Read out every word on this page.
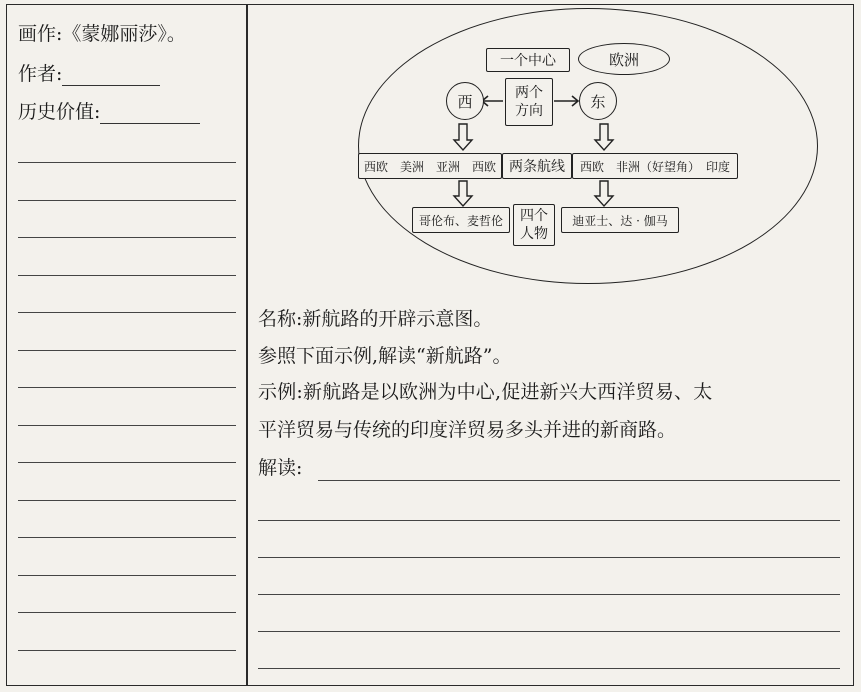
画作:《蒙娜丽莎》。
作者:
历史价值:
一个中心	欧洲
西	东
两个方向
西欧　美洲　亚洲　西欧 两条航线	西欧　非洲（好望角）　印度
哥伦布、麦哲伦	四个人物
迪亚士、达 · 伽马
名称:新航路的开辟示意图。
参照下面示例,解读“新航路”。
示例:新航路是以欧洲为中心,促进新兴大西洋贸易、太
平洋贸易与传统的印度洋贸易多头并进的新商路。
解读:
